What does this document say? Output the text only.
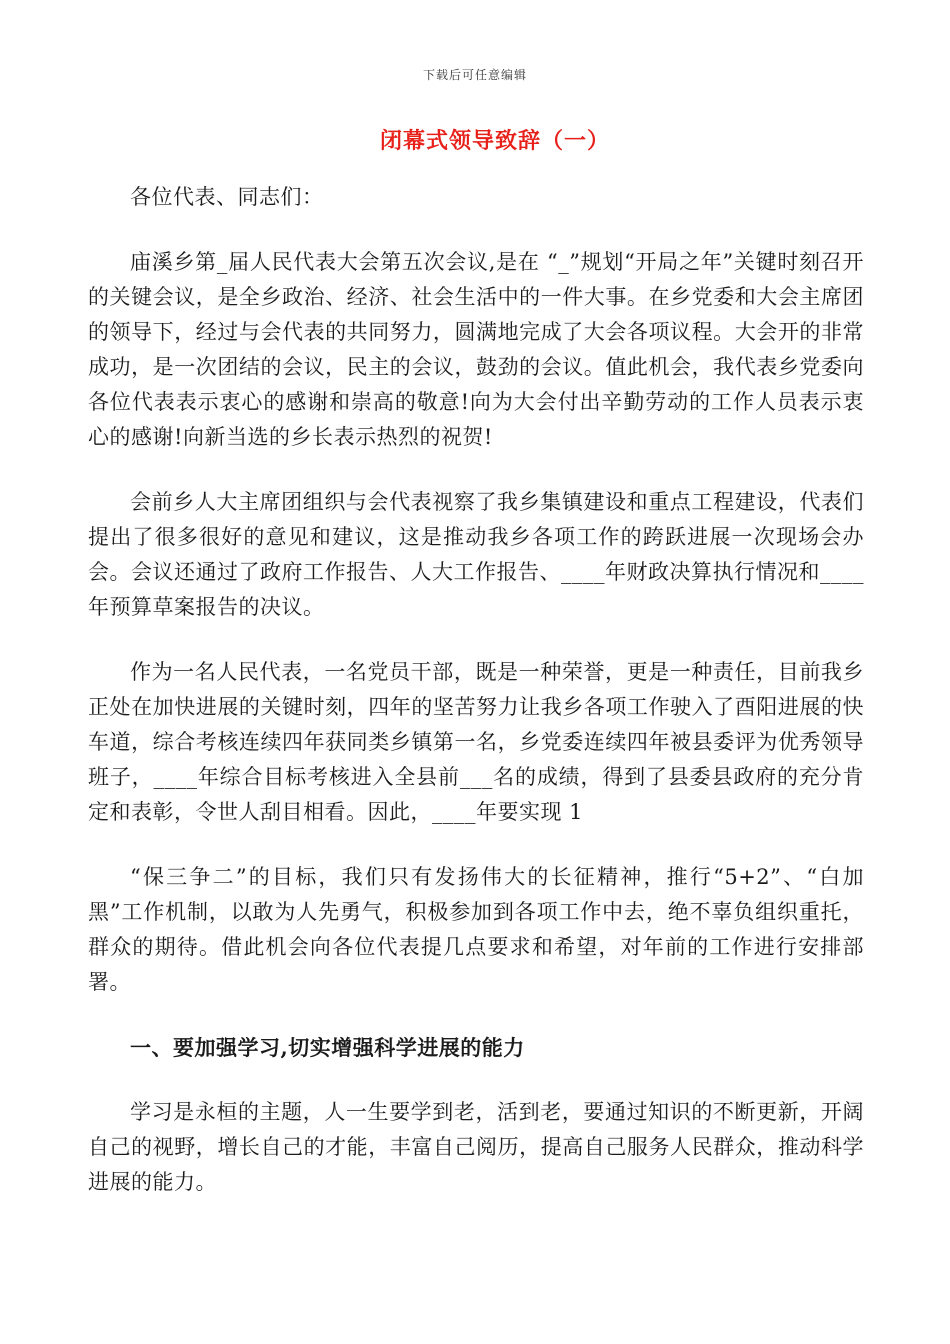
下载后可任意编辑
闭幕式领导致辞（一）

各位代表、同志们：

庙溪乡第_届人民代表大会第五次会议,是在 “_”规划“开局之年”关键时刻召开的关键会议，是全乡政治、经济、社会生活中的一件大事。在乡党委和大会主席团的领导下，经过与会代表的共同努力，圆满地完成了大会各项议程。大会开的非常成功，是一次团结的会议，民主的会议，鼓劲的会议。值此机会，我代表乡党委向各位代表表示衷心的感谢和崇高的敬意!向为大会付出辛勤劳动的工作人员表示衷心的感谢!向新当选的乡长表示热烈的祝贺!

会前乡人大主席团组织与会代表视察了我乡集镇建设和重点工程建设，代表们提出了很多很好的意见和建议，这是推动我乡各项工作的跨跃进展一次现场会办会。会议还通过了政府工作报告、人大工作报告、____年财政决算执行情况和____年预算草案报告的决议。

作为一名人民代表，一名党员干部，既是一种荣誉，更是一种责任，目前我乡正处在加快进展的关键时刻，四年的坚苦努力让我乡各项工作驶入了酉阳进展的快车道，综合考核连续四年获同类乡镇第一名，乡党委连续四年被县委评为优秀领导班子，____年综合目标考核进入全县前___名的成绩，得到了县委县政府的充分肯定和表彰，令世人刮目相看。因此，____年要实现 1

“保三争二”的目标，我们只有发扬伟大的长征精神，推行“5+2”、“白加黑”工作机制，以敢为人先勇气，积极参加到各项工作中去，绝不辜负组织重托，群众的期待。借此机会向各位代表提几点要求和希望，对年前的工作进行安排部署。

一、要加强学习,切实增强科学进展的能力

学习是永桓的主题，人一生要学到老，活到老，要通过知识的不断更新，开阔自己的视野，增长自己的才能，丰富自己阅历，提高自己服务人民群众，推动科学进展的能力。
